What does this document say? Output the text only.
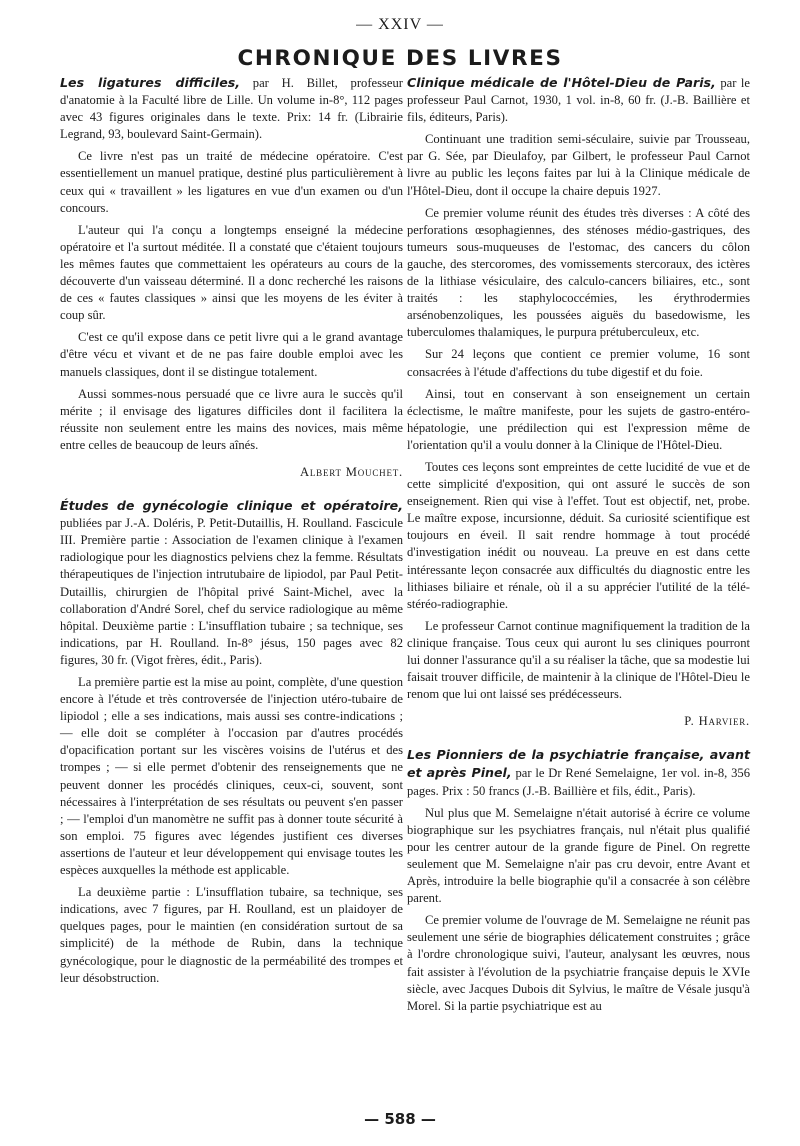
— XXIV —
CHRONIQUE DES LIVRES

Les ligatures difficiles, par H. Billet, professeur d'anatomie à la Faculté libre de Lille. Un volume in-8°, 112 pages avec 43 figures originales dans le texte. Prix: 14 fr. (Librairie Legrand, 93, boulevard Saint-Germain).

Ce livre n'est pas un traité de médecine opératoire. C'est essentiellement un manuel pratique, destiné plus particulièrement à ceux qui « travaillent » les ligatures en vue d'un examen ou d'un concours.

L'auteur qui l'a conçu a longtemps enseigné la médecine opératoire et l'a surtout méditée. Il a constaté que c'étaient toujours les mêmes fautes que commettaient les opérateurs au cours de la découverte d'un vaisseau déterminé. Il a donc recherché les raisons de ces « fautes classiques » ainsi que les moyens de les éviter à coup sûr.

C'est ce qu'il expose dans ce petit livre qui a le grand avantage d'être vécu et vivant et de ne pas faire double emploi avec les manuels classiques, dont il se distingue totalement.

Aussi sommes-nous persuadé que ce livre aura le succès qu'il mérite ; il envisage des ligatures difficiles dont il facilitera la réussite non seulement entre les mains des novices, mais même entre celles de beaucoup de leurs aînés.

Albert Mouchet.

Études de gynécologie clinique et opératoire, publiées par J.-A. Doléris, P. Petit-Dutaillis, H. Roulland. Fascicule III. Première partie : Association de l'examen clinique à l'examen radiologique pour les diagnostics pelviens chez la femme. Résultats thérapeutiques de l'injection intrutubaire de lipiodol, par Paul Petit-Dutaillis, chirurgien de l'hôpital privé Saint-Michel, avec la collaboration d'André Sorel, chef du service radiologique au même hôpital. Deuxième partie : L'insufflation tubaire ; sa technique, ses indications, par H. Roulland. In-8° jésus, 150 pages avec 82 figures, 30 fr. (Vigot frères, édit., Paris).

La première partie est la mise au point, complète, d'une question encore à l'étude et très controversée de l'injection utéro-tubaire de lipiodol ; elle a ses indications, mais aussi ses contre-indications ; — elle doit se compléter à l'occasion par d'autres procédés d'opacification portant sur les viscères voisins de l'utérus et des trompes ; — si elle permet d'obtenir des renseignements que ne peuvent donner les procédés cliniques, ceux-ci, souvent, sont nécessaires à l'interprétation de ses résultats ou peuvent s'en passer ; — l'emploi d'un manomètre ne suffit pas à donner toute sécurité à son emploi. 75 figures avec légendes justifient ces diverses assertions de l'auteur et leur développement qui envisage toutes les espèces auxquelles la méthode est applicable.

La deuxième partie : L'insufflation tubaire, sa technique, ses indications, avec 7 figures, par H. Roulland, est un plaidoyer de quelques pages, pour le maintien (en considération surtout de sa simplicité) de la méthode de Rubin, dans la technique gynécologique, pour le diagnostic de la perméabilité des trompes et leur désobstruction.

Clinique médicale de l'Hôtel-Dieu de Paris, par le professeur Paul Carnot, 1930, 1 vol. in-8, 60 fr. (J.-B. Baillière et fils, éditeurs, Paris).

Continuant une tradition semi-séculaire, suivie par Trousseau, par G. Sée, par Dieulafoy, par Gilbert, le professeur Paul Carnot livre au public les leçons faites par lui à la Clinique médicale de l'Hôtel-Dieu, dont il occupe la chaire depuis 1927.

Ce premier volume réunit des études très diverses : A côté des perforations œsophagiennes, des sténoses médio-gastriques, des tumeurs sous-muqueuses de l'estomac, des cancers du côlon gauche, des stercoromes, des vomissements stercoraux, des ictères de la lithiase vésiculaire, des calculo-cancers biliaires, etc., sont traités : les staphylococcémies, les érythrodermies arsénobenzoliques, les poussées aiguës du basedowisme, les tuberculomes thalamiques, le purpura prétuberculeux, etc.

Sur 24 leçons que contient ce premier volume, 16 sont consacrées à l'étude d'affections du tube digestif et du foie.

Ainsi, tout en conservant à son enseignement un certain éclectisme, le maître manifeste, pour les sujets de gastro-entéro-hépatologie, une prédilection qui est l'expression même de l'orientation qu'il a voulu donner à la Clinique de l'Hôtel-Dieu.

Toutes ces leçons sont empreintes de cette lucidité de vue et de cette simplicité d'exposition, qui ont assuré le succès de son enseignement. Rien qui vise à l'effet. Tout est objectif, net, probe. Le maître expose, incursionne, déduit. Sa curiosité scientifique est toujours en éveil. Il sait rendre hommage à tout procédé d'investigation inédit ou nouveau. La preuve en est dans cette intéressante leçon consacrée aux difficultés du diagnostic entre les lithiases biliaire et rénale, où il a su apprécier l'utilité de la télé-stéréo-radiographie.

Le professeur Carnot continue magnifiquement la tradition de la clinique française. Tous ceux qui auront lu ses cliniques pourront lui donner l'assurance qu'il a su réaliser la tâche, que sa modestie lui faisait trouver difficile, de maintenir à la clinique de l'Hôtel-Dieu le renom que lui ont laissé ses prédécesseurs.

P. Harvier.

Les Pionniers de la psychiatrie française, avant et après Pinel, par le Dr René Semelaigne, 1er vol. in-8, 356 pages. Prix : 50 francs (J.-B. Baillière et fils, édit., Paris).

Nul plus que M. Semelaigne n'était autorisé à écrire ce volume biographique sur les psychiatres français, nul n'était plus qualifié pour les centrer autour de la grande figure de Pinel. On regrette seulement que M. Semelaigne n'air pas cru devoir, entre Avant et Après, introduire la belle biographie qu'il a consacrée à son célèbre parent.

Ce premier volume de l'ouvrage de M. Semelaigne ne réunit pas seulement une série de biographies délicatement construites ; grâce à l'ordre chronologique suivi, l'auteur, analysant les œuvres, nous fait assister à l'évolution de la psychiatrie française depuis le XVIe siècle, avec Jacques Dubois dit Sylvius, le maître de Vésale jusqu'à Morel. Si la partie psychiatrique est au

— 588 —
